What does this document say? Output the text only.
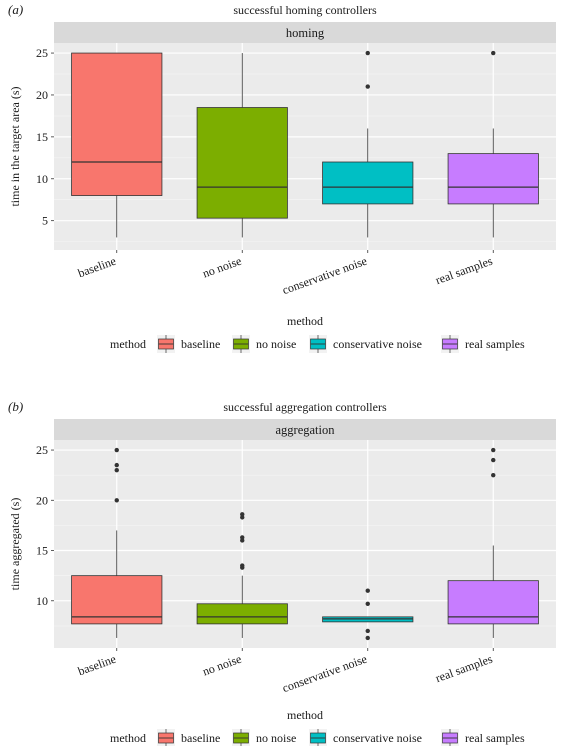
(a)	successful homing controllers
homing
5
10
15
20
25
baseline	no noise	conservative noise	real samples
method
time in the target area (s)
method	baseline	no noise	conservative noise	real samples
(b)	successful aggregation controllers
aggregation
10
15
20
25
baseline	no noise	conservative noise	real samples
method
time aggregated (s)
method	baseline	no noise	conservative noise	real samples
